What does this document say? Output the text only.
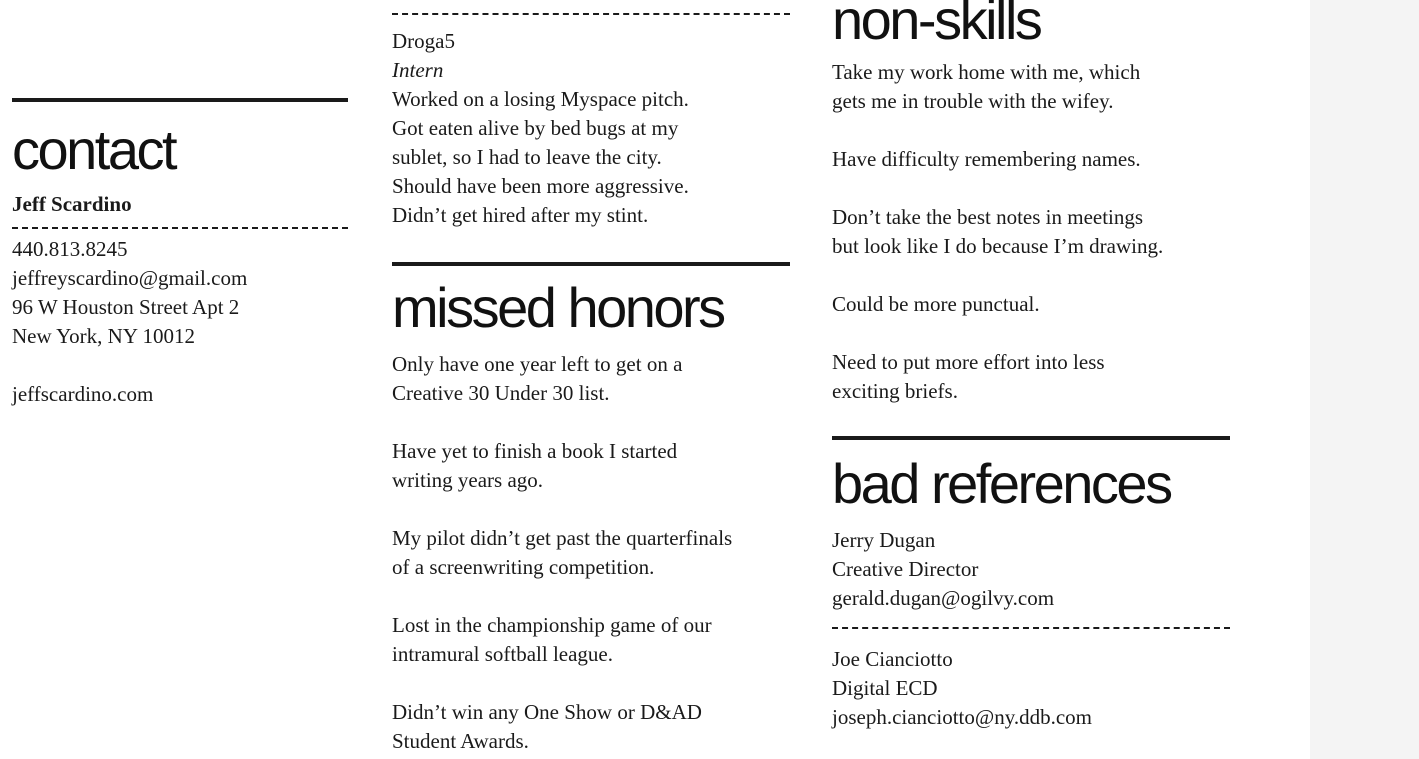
contact

Jeff Scardino

440.813.8245

jeffreyscardino@gmail.com

96 W Houston Street Apt 2

New York, NY 10012

jeffscardino.com

Droga5

Intern

Worked on a losing Myspace pitch.

Got eaten alive by bed bugs at my

sublet, so I had to leave the city.

Should have been more aggressive.

Didn’t get hired after my stint.

missed honors

Only have one year left to get on a

Creative 30 Under 30 list.

Have yet to finish a book I started

writing years ago.

My pilot didn’t get past the quarterfinals

of a screenwriting competition.

Lost in the championship game of our

intramural softball league.

Didn’t win any One Show or D&AD

Student Awards.

non-skills

Take my work home with me, which

gets me in trouble with the wifey.

Have difficulty remembering names.

Don’t take the best notes in meetings

but look like I do because I’m drawing.

Could be more punctual.

Need to put more effort into less

exciting briefs.

bad references

Jerry Dugan

Creative Director

gerald.dugan@ogilvy.com

Joe Cianciotto

Digital ECD

joseph.cianciotto@ny.ddb.com
